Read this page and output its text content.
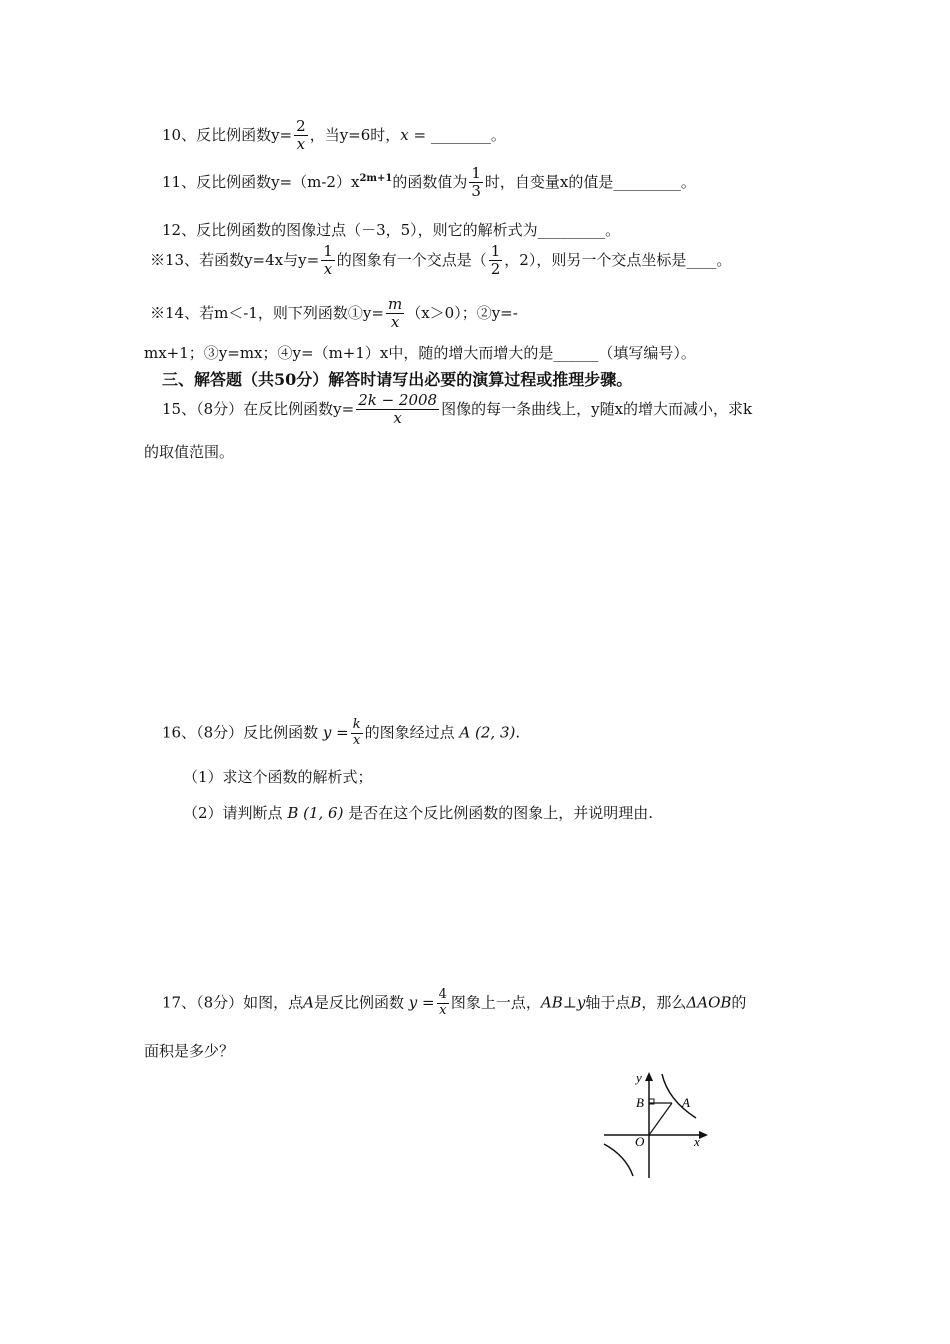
10、反比例函数$y= \frac{2}{x}$ ，当y=6时，x = ________。
11、反比例函数$y=(m-2)x^{2m+1}$的函数值为 $\frac{1}{3}$ 时，自变量x的值是_________。
12、反比例函数的图像过点（－3，5），则它的解析式为_________。
※13、若函数y=4x与$y= \frac{1}{x}$ 的图象有一个交点是（ $\frac{1}{2}$ ，2），则另一个交点坐标是____。
※14、若m＜-1，则下列函数①y= $\frac{m}{x} (x>0)$；②y=-
mx+1；③y=mx；④y=（m+1）x中，随的增大而增大的是______（填写编号）。
三、解答题（共50分）解答时请写出必要的演算过程或推理步骤。
15、（8分）在反比例函数$y= \frac{2k - 2008}{x}$ 图像的每一条曲线上，y随x的增大而减小，求k
的取值范围。
16、（8分）反比例函数 $y = \frac{k}{x}$ 的图象经过点 A (2, 3).
（1）求这个函数的解析式；
（2）请判断点 B (1, 6) 是否在这个反比例函数的图象上，并说明理由.
17、（8分）如图，点A是反比例函数 $y = \frac{4}{x}$ 图象上一点，AB⊥y轴于点B，那么ΔAOB的
面积是多少？
y
B	A
O	x
